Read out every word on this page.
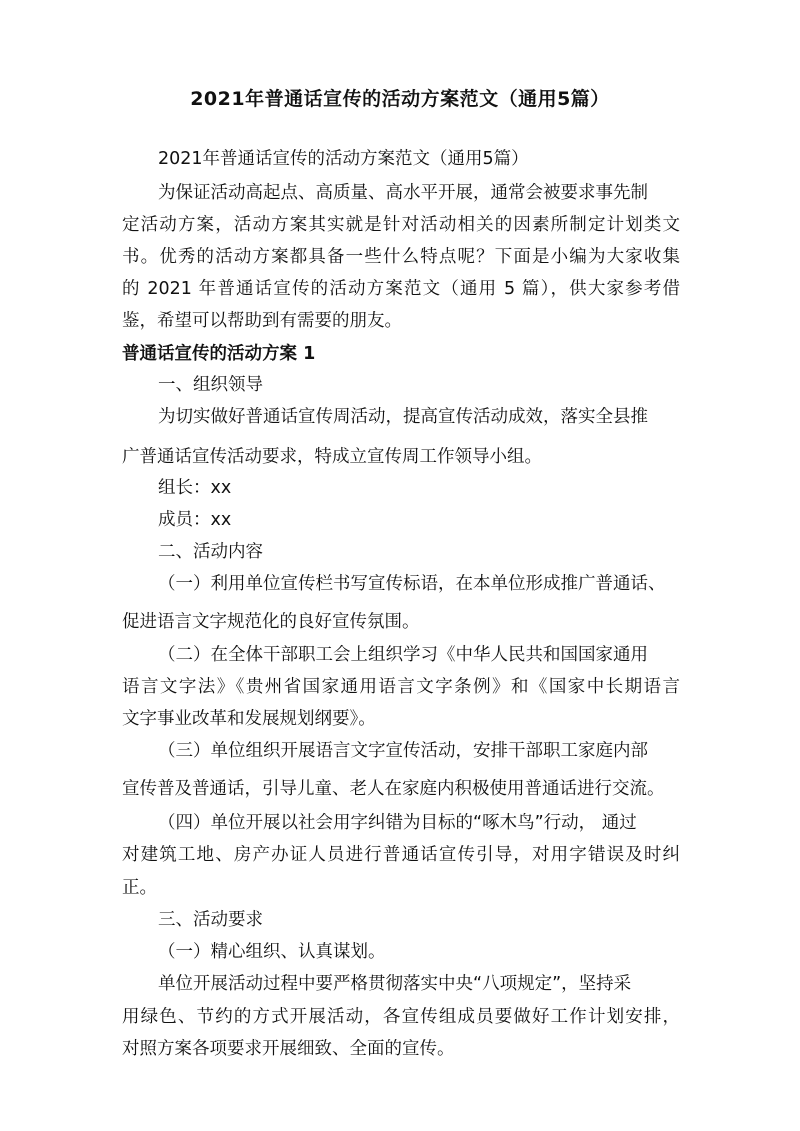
2021年普通话宣传的活动方案范文（通用5篇）
2021年普通话宣传的活动方案范文（通用5篇）
为保证活动高起点、高质量、高水平开展，通常会被要求事先制
定活动方案，活动方案其实就是针对活动相关的因素所制定计划类文
书。优秀的活动方案都具备一些什么特点呢？下面是小编为大家收集
的 2021 年普通话宣传的活动方案范文（通用 5 篇），供大家参考借
鉴，希望可以帮助到有需要的朋友。
普通话宣传的活动方案 1
一、组织领导
为切实做好普通话宣传周活动，提高宣传活动成效，落实全县推
广普通话宣传活动要求，特成立宣传周工作领导小组。
组长：xx
成员：xx
二、活动内容
（一）利用单位宣传栏书写宣传标语，在本单位形成推广普通话、
促进语言文字规范化的良好宣传氛围。
（二）在全体干部职工会上组织学习《中华人民共和国国家通用
语言文字法》《贵州省国家通用语言文字条例》和《国家中长期语言
文字事业改革和发展规划纲要》。
（三）单位组织开展语言文字宣传活动，安排干部职工家庭内部
宣传普及普通话，引导儿童、老人在家庭内积极使用普通话进行交流。
（四）单位开展以社会用字纠错为目标的“啄木鸟”行动， 通过
对建筑工地、房产办证人员进行普通话宣传引导，对用字错误及时纠
正。
三、活动要求
（一）精心组织、认真谋划。
单位开展活动过程中要严格贯彻落实中央“八项规定”，坚持采
用绿色、节约的方式开展活动，各宣传组成员要做好工作计划安排，
对照方案各项要求开展细致、全面的宣传。
